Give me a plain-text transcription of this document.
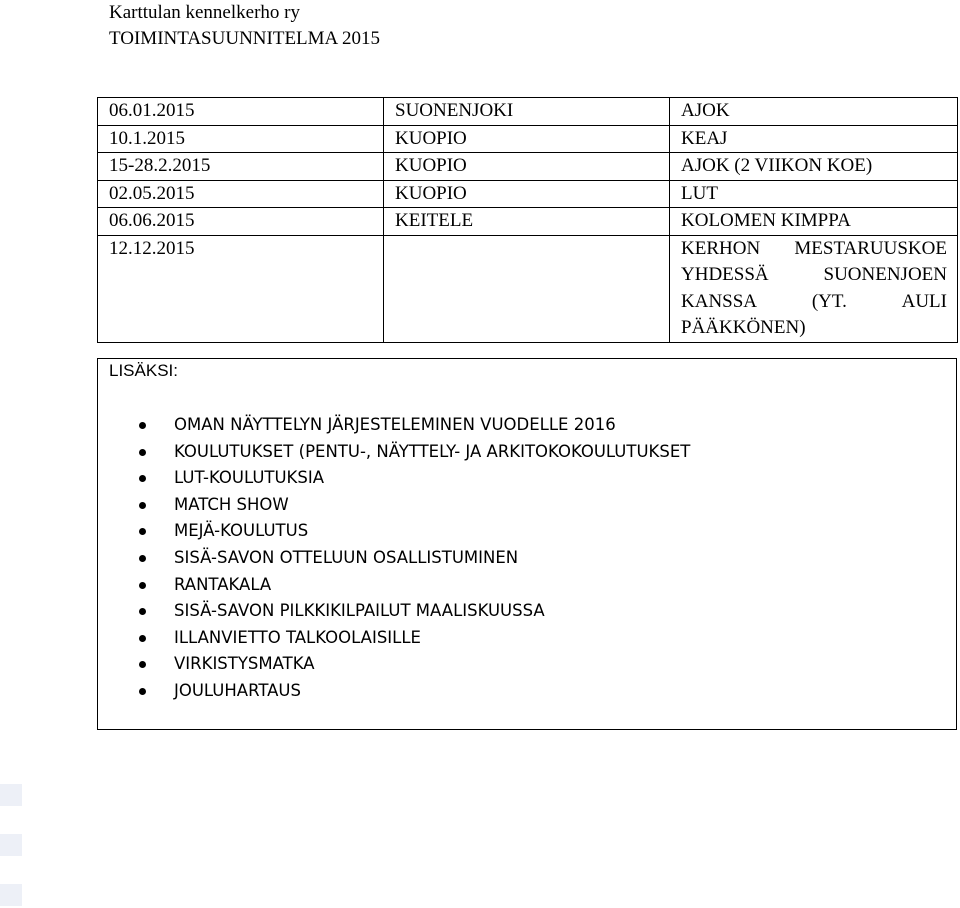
Karttulan kennelkerho ry
TOIMINTASUUNNITELMA 2015
06.01.2015	SUONENJOKI	AJOK
10.1.2015	KUOPIO	KEAJ
15-28.2.2015	KUOPIO	AJOK (2 VIIKON KOE)
02.05.2015	KUOPIO	LUT
06.06.2015	KEITELE	KOLOMEN KIMPPA
12.12.2015		KERHON MESTARUUSKOE YHDESSÄ SUONENJOEN KANSSA (YT. AULI PÄÄKKÖNEN)
LISÄKSI:
OMAN NÄYTTELYN JÄRJESTELEMINEN VUODELLE 2016
KOULUTUKSET (PENTU-, NÄYTTELY- JA ARKITOKOKOULUTUKSET
LUT-KOULUTUKSIA
MATCH SHOW
MEJÄ-KOULUTUS
SISÄ-SAVON OTTELUUN OSALLISTUMINEN
RANTAKALA
SISÄ-SAVON PILKKIKILPAILUT MAALISKUUSSA
ILLANVIETTO TALKOOLAISILLE
VIRKISTYSMATKA
JOULUHARTAUS
